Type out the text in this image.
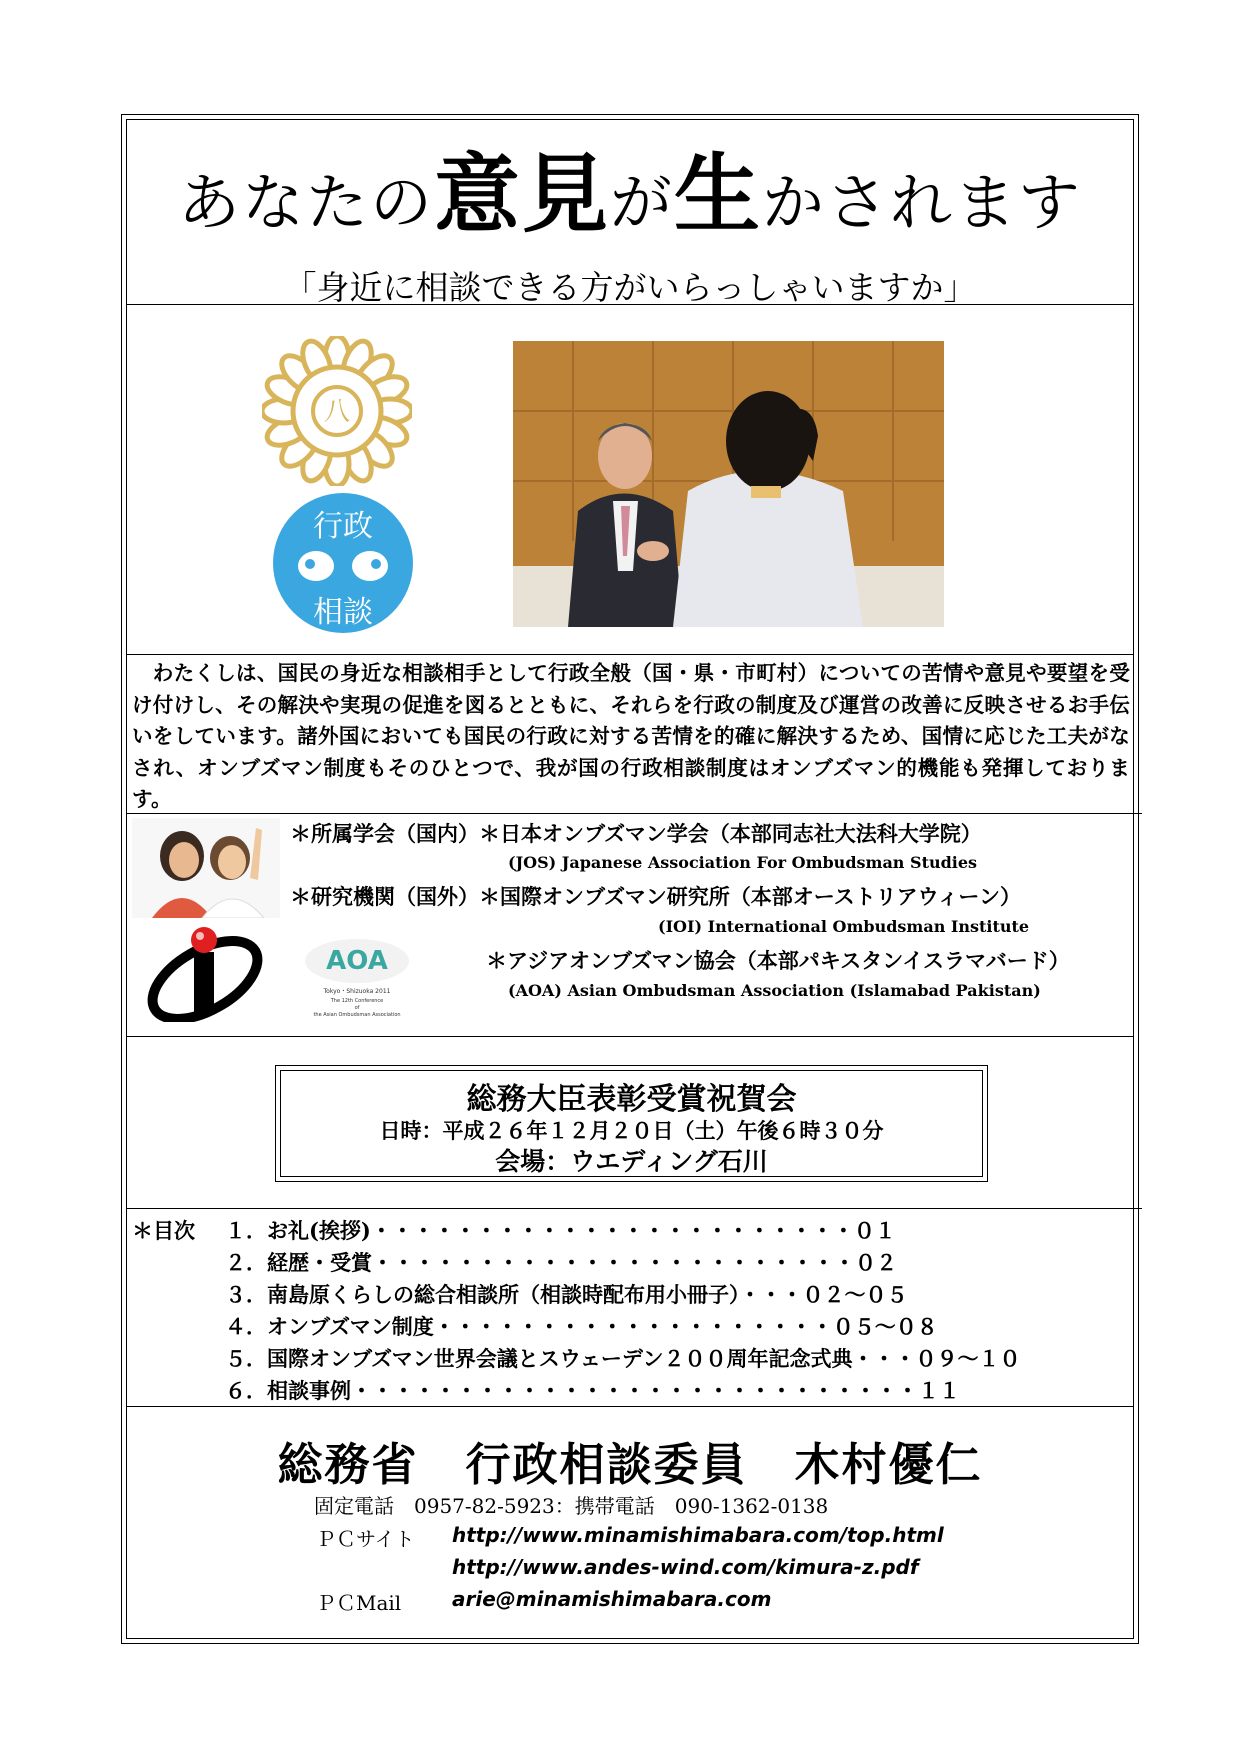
あなたの意見が生かされます
「身近に相談できる方がいらっしゃいますか」
八
行政
相談
　わたくしは、国民の身近な相談相手として行政全般（国・県・市町村）についての苦情や意見や要望を受け付けし、その解決や実現の促進を図るとともに、それらを行政の制度及び運営の改善に反映させるお手伝いをしています。諸外国においても国民の行政に対する苦情を的確に解決するため、国情に応じた工夫がなされ、オンブズマン制度もそのひとつで、我が国の行政相談制度はオンブズマン的機能も発揮しております。
AOA
Tokyo・Shizuoka 2011
The 12th Conference
of
the Asian Ombudsman Association
＊所属学会（国内）＊日本オンブズマン学会（本部同志社大法科大学院）
(JOS) Japanese Association For Ombudsman Studies
＊研究機関（国外）＊国際オンブズマン研究所（本部オーストリアウィーン）
(IOI) International Ombudsman Institute
＊アジアオンブズマン協会（本部パキスタンイスラマバード）
(AOA) Asian Ombudsman Association (Islamabad Pakistan)
総務大臣表彰受賞祝賀会
日時：平成２６年１２月２０日（土）午後６時３０分
会場：ウエディング石川
＊目次 １．お礼(挨拶)・・・・・・・・・・・・・・・・・・・・・・・０１
２．経歴・受賞・・・・・・・・・・・・・・・・・・・・・・・０２
３．南島原くらしの総合相談所（相談時配布用小冊子）・・・０２～０５
４．オンブズマン制度・・・・・・・・・・・・・・・・・・・０５～０８
５．国際オンブズマン世界会議とスウェーデン２００周年記念式典・・・０９～１０
６．相談事例・・・・・・・・・・・・・・・・・・・・・・・・・・・１１
総務省　行政相談委員　木村優仁
固定電話　0957-82-5923：携帯電話　090-1362-0138
ＰＣサイト http://www.minamishimabara.com/top.html
http://www.andes-wind.com/kimura-z.pdf
ＰＣMail	arie@minamishimabara.com
